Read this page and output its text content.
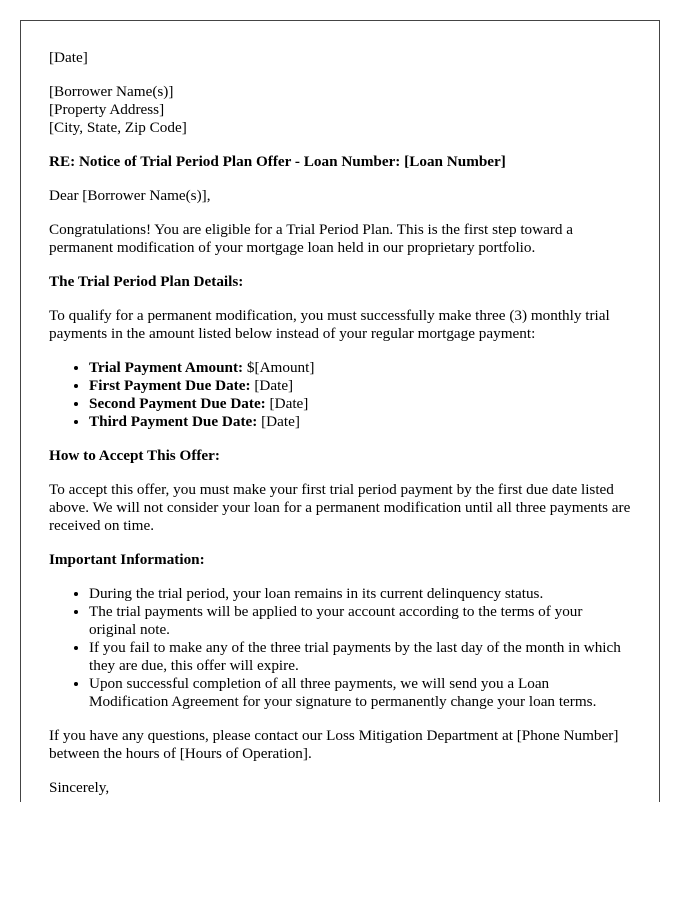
[Date]

[Borrower Name(s)]
[Property Address]
[City, State, Zip Code]

RE: Notice of Trial Period Plan Offer - Loan Number: [Loan Number]

Dear [Borrower Name(s)],

Congratulations! You are eligible for a Trial Period Plan. This is the first step toward a permanent modification of your mortgage loan held in our proprietary portfolio.

The Trial Period Plan Details:

To qualify for a permanent modification, you must successfully make three (3) monthly trial payments in the amount listed below instead of your regular mortgage payment:

• Trial Payment Amount: $[Amount]
• First Payment Due Date: [Date]
• Second Payment Due Date: [Date]
• Third Payment Due Date: [Date]

How to Accept This Offer:

To accept this offer, you must make your first trial period payment by the first due date listed above. We will not consider your loan for a permanent modification until all three payments are received on time.

Important Information:

• During the trial period, your loan remains in its current delinquency status.
• The trial payments will be applied to your account according to the terms of your original note.
• If you fail to make any of the three trial payments by the last day of the month in which they are due, this offer will expire.
• Upon successful completion of all three payments, we will send you a Loan Modification Agreement for your signature to permanently change your loan terms.

If you have any questions, please contact our Loss Mitigation Department at [Phone Number] between the hours of [Hours of Operation].

Sincerely,
